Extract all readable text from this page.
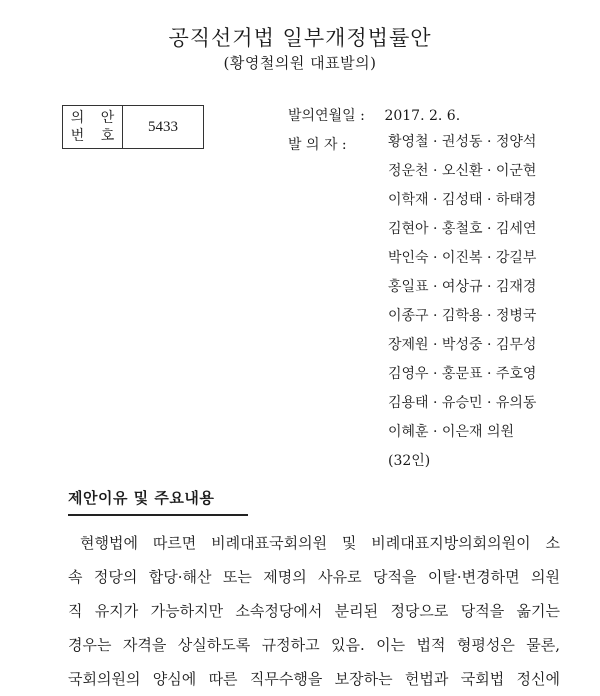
공직선거법 일부개정법률안
(황영철의원 대표발의)
의 안
번 호
5433
발의연월일 : 2017. 2. 6.
발 의 자 :	황영철 · 권성동 · 정양석
정운천 · 오신환 · 이군현
이학재 · 김성태 · 하태경
김현아 · 홍철호 · 김세연
박인숙 · 이진복 · 강길부
홍일표 · 여상규 · 김재경
이종구 · 김학용 · 정병국
장제원 · 박성중 · 김무성
김영우 · 홍문표 · 주호영
김용태 · 유승민 · 유의동
이혜훈 · 이은재 의원
(32인)
제안이유 및 주요내용
현행법에 따르면 비례대표국회의원 및 비례대표지방의회의원이 소
속 정당의 합당·해산 또는 제명의 사유로 당적을 이탈·변경하면 의원
직 유지가 가능하지만 소속정당에서 분리된 정당으로 당적을 옮기는
경우는 자격을 상실하도록 규정하고 있음. 이는 법적 형평성은 물론,
국회의원의 양심에 따른 직무수행을 보장하는 헌법과 국회법 정신에
